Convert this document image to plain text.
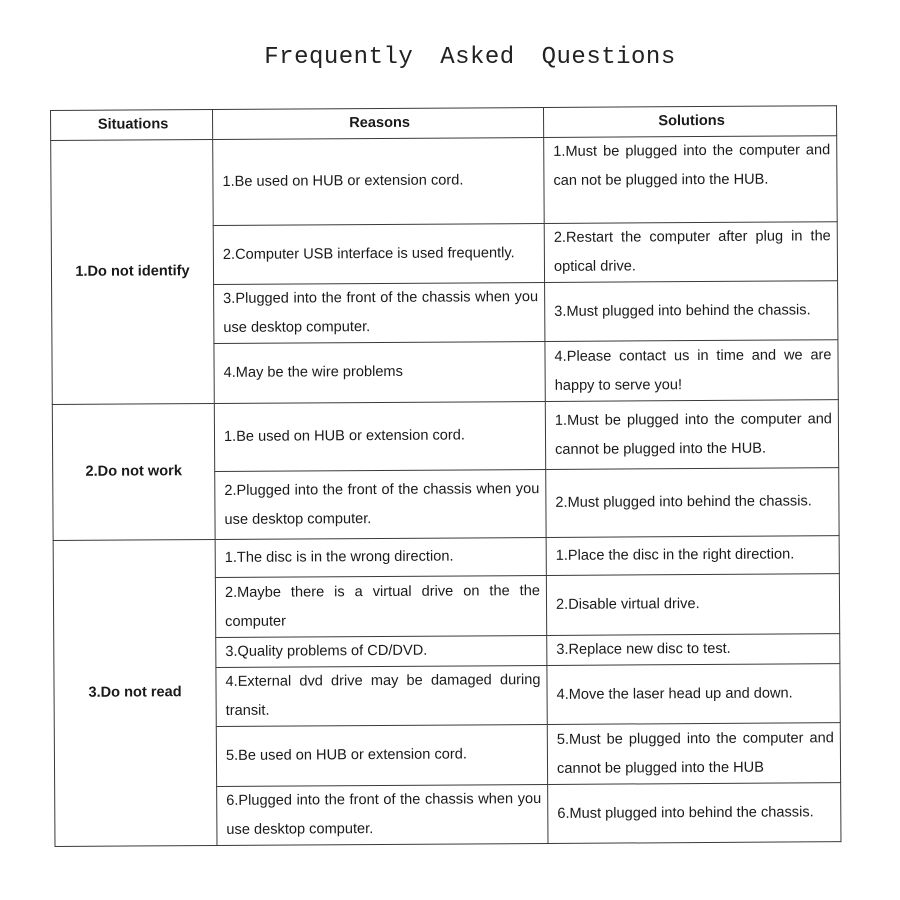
Frequently Asked Questions
Situations	Reasons	Solutions
1.Do not identify	1.Be used on HUB or extension cord.	1.Must be plugged into the computer and can not be plugged into the HUB.
	2.Computer USB interface is used frequently.	2.Restart the computer after plug in the optical drive.
	3.Plugged into the front of the chassis when you use desktop computer.	3.Must plugged into behind the chassis.
	4.May be the wire problems	4.Please contact us in time and we are happy to serve you!
2.Do not work	1.Be used on HUB or extension cord.	1.Must be plugged into the computer and cannot be plugged into the HUB.
	2.Plugged into the front of the chassis when you use desktop computer.	2.Must plugged into behind the chassis.
3.Do not read	1.The disc is in the wrong direction.	1.Place the disc in the right direction.
	2.Maybe there is a virtual drive on the the computer	2.Disable virtual drive.
	3.Quality problems of CD/DVD.	3.Replace new disc to test.
	4.External dvd drive may be damaged during transit.	4.Move the laser head up and down.
	5.Be used on HUB or extension cord.	5.Must be plugged into the computer and cannot be plugged into the HUB
	6.Plugged into the front of the chassis when you use desktop computer.	6.Must plugged into behind the chassis.
